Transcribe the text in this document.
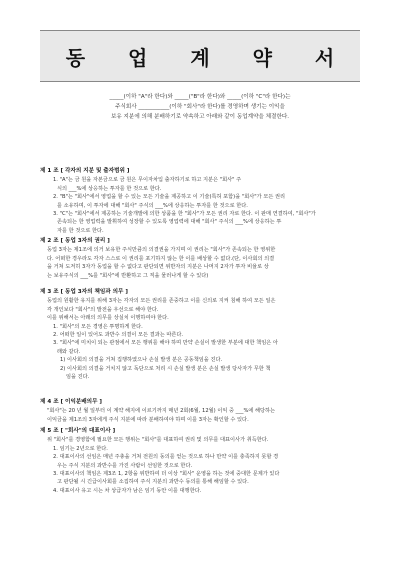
동 업 계 약 서

_____(이하 "A"라 한다)와 _____("B"라 한다)와 _____(이하 "C"라 한다)는

주식회사 ___________(이하 "회사"라 한다)를 경영하며 생기는 이익을

보유 지분에 의해 분배하기로 약속하고 아래와 같이 동업계약을 체결한다.

제 1 조 [ 각자의 지분 및 출자범위 ]

1. "A"는 금 원을 자본금으로 금 원은 무이자차입 출자하기로 하고 지분은 "회사" 주

식의 ___%에 상응하는 투자를 한 것으로 한다.

2. "B"는 "회사"에서 영업을 할 수 있는 모든 기술을 제공하고 이 기술(특허 포함)을 "회사"가 모든 권리

를 소유하며, 이 투자에 대해 "회사" 주식의 ___%에 상응하는 투자를 한 것으로 한다.

3. "C"는 "회사"에서 제공하는 기술개발에 의한 상품을 한 "회사"가 모든 권리 자로 한다. 이 판매 연결하여, "회사"가

존속되는 한 영업력을 발휘하여 성장할 수 있도록 영업력에 대해 "회사" 주식의 ___%에 상응하는 투

자를 한 것으로 한다.

제 2 조 [ 동업 3자의 권리 ]

동업 3자는 제1조에 의거 보유한 주식만큼의 의결권을 가지며 이 권리는 "회사"가 존속되는 한 영위한

다. 어떠한 경우라도 각자 스스로 이 권리를 포기하지 않는 한 이를 배상할 수 없다.(단, 이사회의 의결

을 거쳐 도저히 3자가 동업을 할 수 없다고 판단되면 위반자의 지분은 나머지 2자가 투자 비율로 상

는 보유주식의 ___%를 "회사"에 반환하고 그 직을 물러나게 할 수 있다)

제 3 조 [ 동업 3자의 책임과 의무 ]

동업의 원활한 유지를 위해 3자는 각자의 모든 권리를 존중하고 이를 신의로 지켜 침해 하여 모든 일은

각 개인보다 "회사"의 발전을 우선으로 해야 한다.

이를 위해서는 아래의 의무를 상실치 이행하여야 한다.

1. "회사"의 모든 경영은 투명하게 한다.

2. 어떠한 일이 있어도 과반수 의결이 모든 결과는 따른다.

3. "회사"에 미치이 되는 관점에서 모든 행위를 해야 하며 만약 손실이 발생한 부분에 대한 책임은 아

래와 같다.

1) 이사회의 의결을 거쳐 집행하였으나 손실 발생 분은 공동책임을 진다.

2) 이사회의 의결을 거치지 않고 독단으로 처리 시 손실 발생 분은 손실 발생 당사자가 무한 책

임을 진다.

제 4 조 [ 이익분배의무 ]

"회사"는 20 년 월 일부터 이 계약 해지에 이르기까지 매년 2회(6월, 12월) 이익 중 ___%에 해당하는

이익금을 제1조의 3자에게 주식 지분에 따라 분배하여야 하며 이를 3자는 확인할 수 있다.

제 5 조 [ "회사"의 대표이사 ]

위 "회사"를 경영함에 필요한 모든 행위는 "회사"를 대표하여 권리 및 의무를 대표이사가 취득한다.

1. 임기는 2년으로 한다.

2. 대표이사의 선임은 매년 주총을 거쳐 전원의 동의를 얻는 것으로 하나 만약 이를 충족하지 못할 경

우는 주식 지분의 과반수를 가진 사람이 선임한 것으로 한다.

3. 대표이사의 책임은 제3조 1, 2항을 위반하여 더 이상 "회사" 운영을 하는 것에 중대한 문제가 있다

고 판단될 시 긴급이사회를 소집하여 주식 지분의 과반수 동의를 통해 해임할 수 있다.

4. 대표이사 유고 시는 차 상급자가 남은 임기 동안 이를 대행한다.
